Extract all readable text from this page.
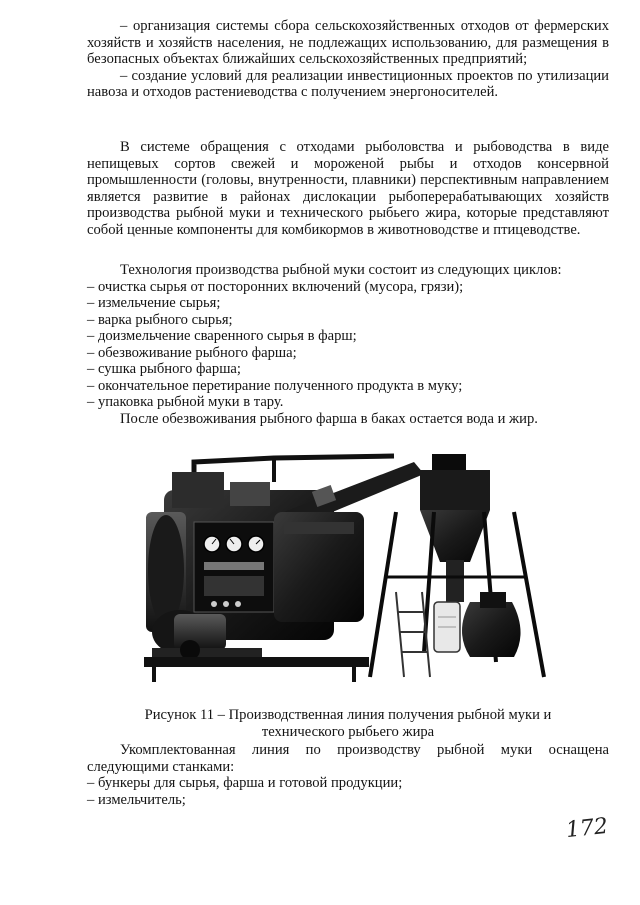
– организация системы сбора сельскохозяйственных отходов от фермерских хозяйств и хозяйств населения, не подлежащих использованию, для размещения в безопасных объектах ближайших сельскохозяйственных предприятий;

– создание условий для реализации инвестиционных проектов по утилизации навоза и отходов растениеводства с получением энергоносителей.

В системе обращения с отходами рыболовства и рыбоводства в виде непищевых сортов свежей и мороженой рыбы и отходов консервной промышленности (головы, внутренности, плавники) перспективным направлением является развитие в районах дислокации рыбоперерабатывающих хозяйств производства рыбной муки и технического рыбьего жира, которые представляют собой ценные компоненты для комбикормов в животноводстве и птицеводстве.

Технология производства рыбной муки состоит из следующих циклов:

– очистка сырья от посторонних включений (мусора, грязи);

– измельчение сырья;

– варка рыбного сырья;

– доизмельчение сваренного сырья в фарш;

– обезвоживание рыбного фарша;

– сушка рыбного фарша;

– окончательное перетирание полученного продукта в муку;

– упаковка рыбной муки в тару.

После обезвоживания рыбного фарша в баках остается вода и жир.

Рисунок 11 – Производственная линия получения рыбной муки и
технического рыбьего жира

Укомплектованная линия по производству рыбной муки оснащена следующими станками:

– бункеры для сырья, фарша и готовой продукции;

– измельчитель;

172
